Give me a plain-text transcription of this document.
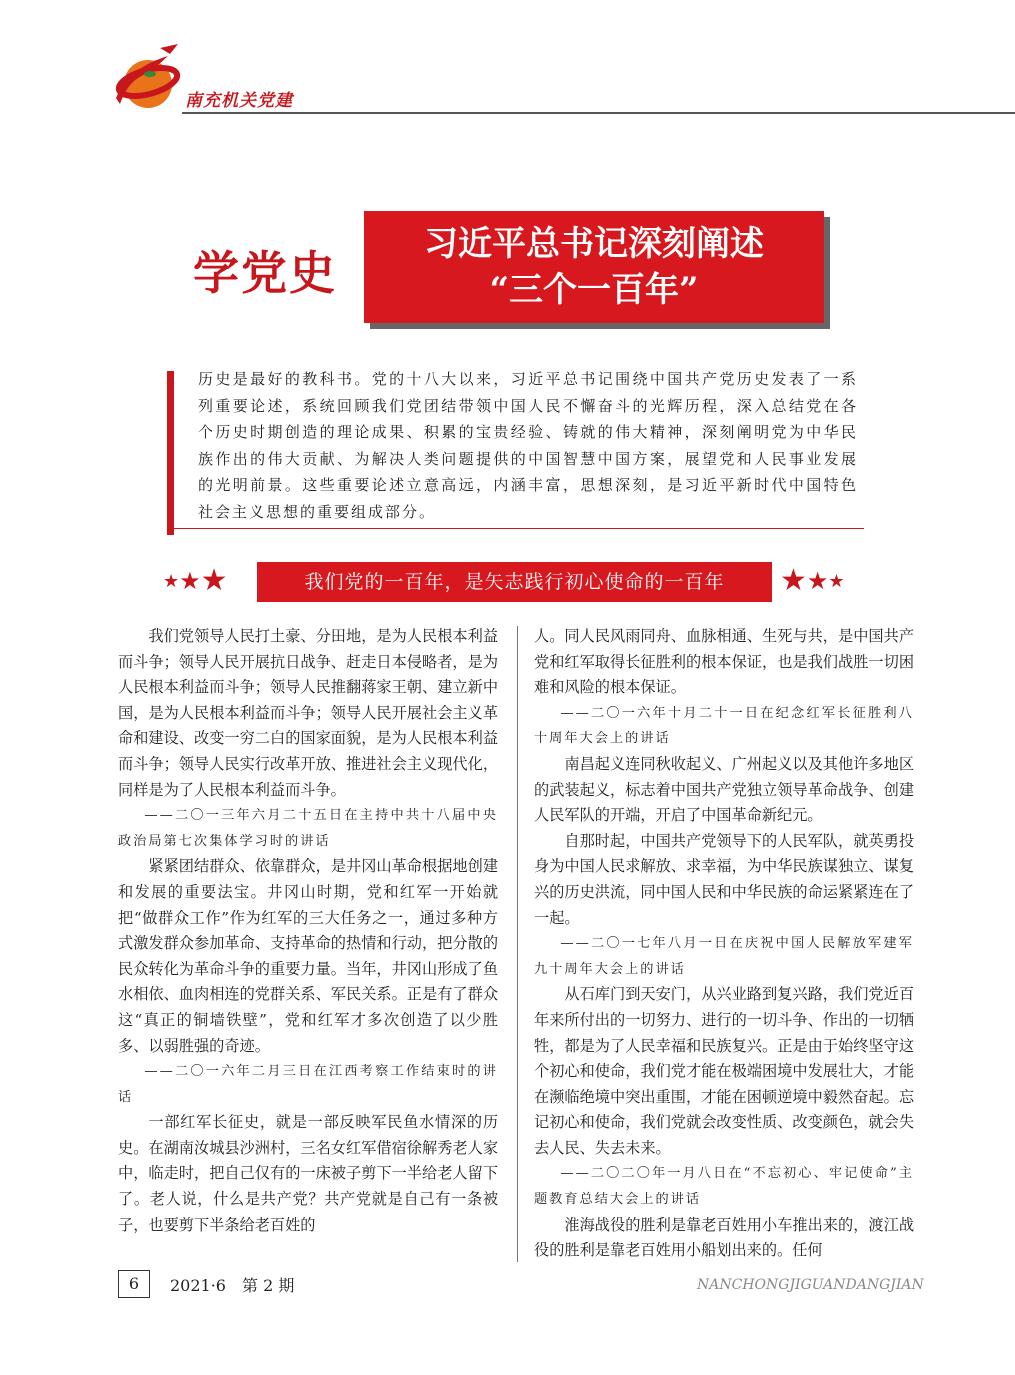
南充机关党建
学党史
习近平总书记深刻阐述
“三个一百年”
历史是最好的教科书。党的十八大以来，习近平总书记围绕中国共产党历史发表了一系列重要论述，系统回顾我们党团结带领中国人民不懈奋斗的光辉历程，深入总结党在各个历史时期创造的理论成果、积累的宝贵经验、铸就的伟大精神，深刻阐明党为中华民族作出的伟大贡献、为解决人类问题提供的中国智慧中国方案，展望党和人民事业发展的光明前景。这些重要论述立意高远，内涵丰富，思想深刻，是习近平新时代中国特色社会主义思想的重要组成部分。
★★★	我们党的一百年，是矢志践行初心使命的一百年	★★★

我们党领导人民打土豪、分田地，是为人民根本利益而斗争；领导人民开展抗日战争、赶走日本侵略者，是为人民根本利益而斗争；领导人民推翻蒋家王朝、建立新中国，是为人民根本利益而斗争；领导人民开展社会主义革命和建设、改变一穷二白的国家面貌，是为人民根本利益而斗争；领导人民实行改革开放、推进社会主义现代化，同样是为了人民根本利益而斗争。

——二〇一三年六月二十五日在主持中共十八届中央政治局第七次集体学习时的讲话

紧紧团结群众、依靠群众，是井冈山革命根据地创建和发展的重要法宝。井冈山时期，党和红军一开始就把“做群众工作”作为红军的三大任务之一，通过多种方式激发群众参加革命、支持革命的热情和行动，把分散的民众转化为革命斗争的重要力量。当年，井冈山形成了鱼水相依、血肉相连的党群关系、军民关系。正是有了群众这“真正的铜墙铁壁”，党和红军才多次创造了以少胜多、以弱胜强的奇迹。

——二〇一六年二月三日在江西考察工作结束时的讲话

一部红军长征史，就是一部反映军民鱼水情深的历史。在湖南汝城县沙洲村，三名女红军借宿徐解秀老人家中，临走时，把自己仅有的一床被子剪下一半给老人留下了。老人说，什么是共产党？共产党就是自己有一条被子，也要剪下半条给老百姓的

人。同人民风雨同舟、血脉相通、生死与共，是中国共产党和红军取得长征胜利的根本保证，也是我们战胜一切困难和风险的根本保证。

——二〇一六年十月二十一日在纪念红军长征胜利八十周年大会上的讲话

南昌起义连同秋收起义、广州起义以及其他许多地区的武装起义，标志着中国共产党独立领导革命战争、创建人民军队的开端，开启了中国革命新纪元。

自那时起，中国共产党领导下的人民军队，就英勇投身为中国人民求解放、求幸福，为中华民族谋独立、谋复兴的历史洪流，同中国人民和中华民族的命运紧紧连在了一起。

——二〇一七年八月一日在庆祝中国人民解放军建军九十周年大会上的讲话

从石库门到天安门，从兴业路到复兴路，我们党近百年来所付出的一切努力、进行的一切斗争、作出的一切牺牲，都是为了人民幸福和民族复兴。正是由于始终坚守这个初心和使命，我们党才能在极端困境中发展壮大，才能在濒临绝境中突出重围，才能在困顿逆境中毅然奋起。忘记初心和使命，我们党就会改变性质、改变颜色，就会失去人民、失去未来。

——二〇二〇年一月八日在“不忘初心、牢记使命”主题教育总结大会上的讲话

淮海战役的胜利是靠老百姓用小车推出来的，渡江战役的胜利是靠老百姓用小船划出来的。任何

6	2021·6　第 2 期	NANCHONGJIGUANDANGJIAN
